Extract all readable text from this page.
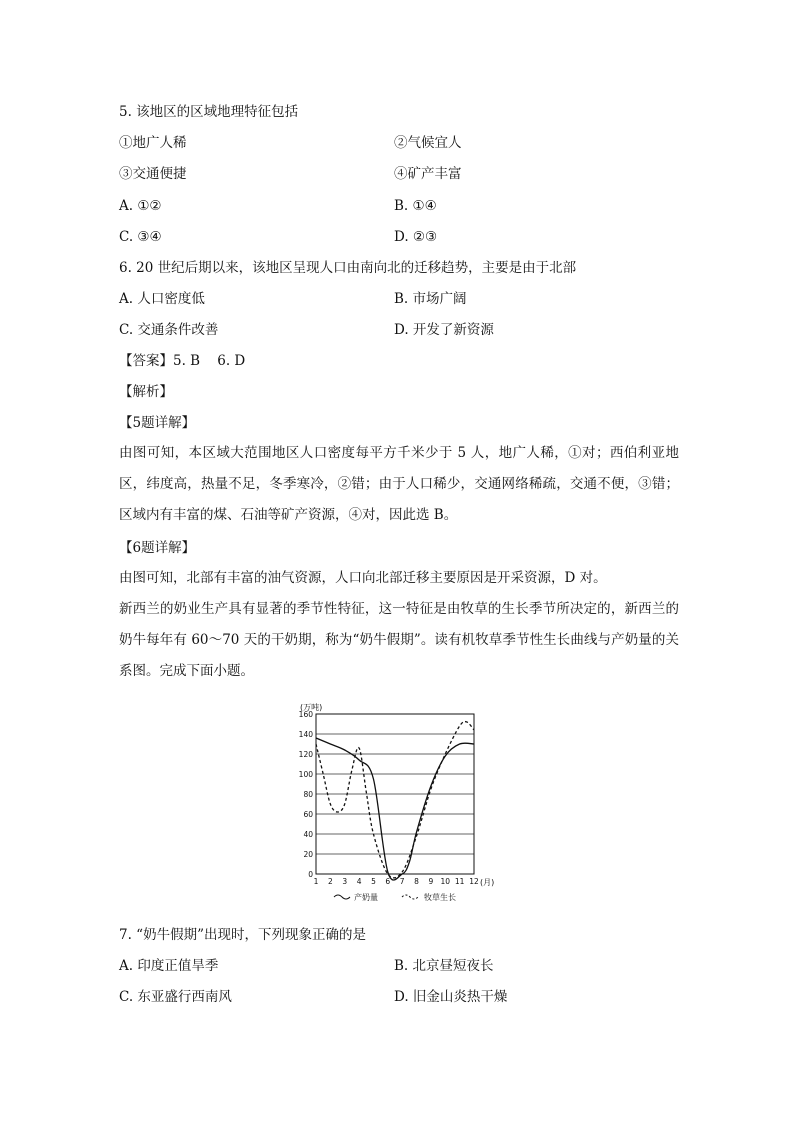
5. 该地区的区域地理特征包括
①地广人稀	②气候宜人
③交通便捷	④矿产丰富
A. ①②	B. ①④
C. ③④	D. ②③
6. 20 世纪后期以来，该地区呈现人口由南向北的迁移趋势，主要是由于北部
A. 人口密度低	B. 市场广阔
C. 交通条件改善	D. 开发了新资源
【答案】5. B    6. D
【解析】
【5题详解】
由图可知，本区域大范围地区人口密度每平方千米少于 5 人，地广人稀，①对；西伯利亚地区，纬度高，热量不足，冬季寒冷，②错；由于人口稀少，交通网络稀疏，交通不便，③错；区域内有丰富的煤、石油等矿产资源，④对，因此选 B。
【6题详解】
由图可知，北部有丰富的油气资源，人口向北部迁移主要原因是开采资源，D 对。
新西兰的奶业生产具有显著的季节性特征，这一特征是由牧草的生长季节所决定的，新西兰的奶牛每年有 60～70 天的干奶期，称为“奶牛假期”。读有机牧草季节性生长曲线与产奶量的关系图。完成下面小题。
0
20
40
60
80
100
120
140
160
1 2 3 4 5 6 7 8 9 10 11 12
(万吨)
(月)
产奶量	牧草生长
7. “奶牛假期”出现时，下列现象正确的是
A. 印度正值旱季	B. 北京昼短夜长
C. 东亚盛行西南风	D. 旧金山炎热干燥
